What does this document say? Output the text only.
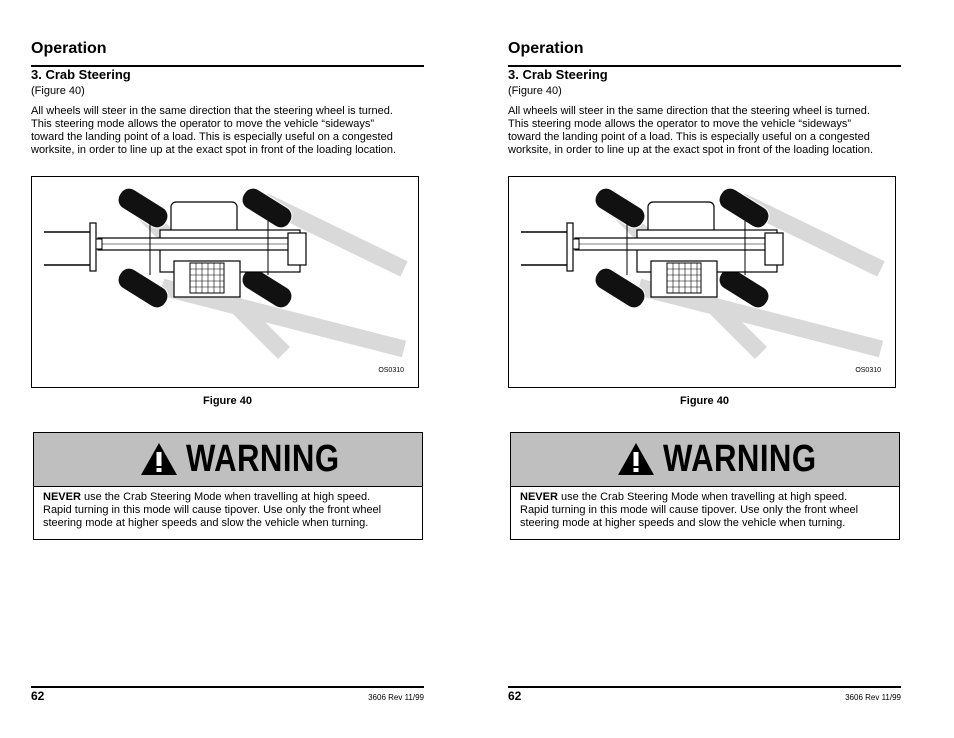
Operation
3. Crab Steering
(Figure 40)
All wheels will steer in the same direction that the steering wheel is turned.
This steering mode allows the operator to move the vehicle “sideways”
toward the landing point of a load. This is especially useful on a congested
worksite, in order to line up at the exact spot in front of the loading location.
OS0310
Figure 40
WARNING
NEVER use the Crab Steering Mode when travelling at high speed.
Rapid turning in this mode will cause tipover. Use only the front wheel
steering mode at higher speeds and slow the vehicle when turning.
62	3606 Rev 11/99
Operation
3. Crab Steering
(Figure 40)
All wheels will steer in the same direction that the steering wheel is turned.
This steering mode allows the operator to move the vehicle “sideways”
toward the landing point of a load. This is especially useful on a congested
worksite, in order to line up at the exact spot in front of the loading location.
OS0310
Figure 40
WARNING
NEVER use the Crab Steering Mode when travelling at high speed.
Rapid turning in this mode will cause tipover. Use only the front wheel
steering mode at higher speeds and slow the vehicle when turning.
62	3606 Rev 11/99
